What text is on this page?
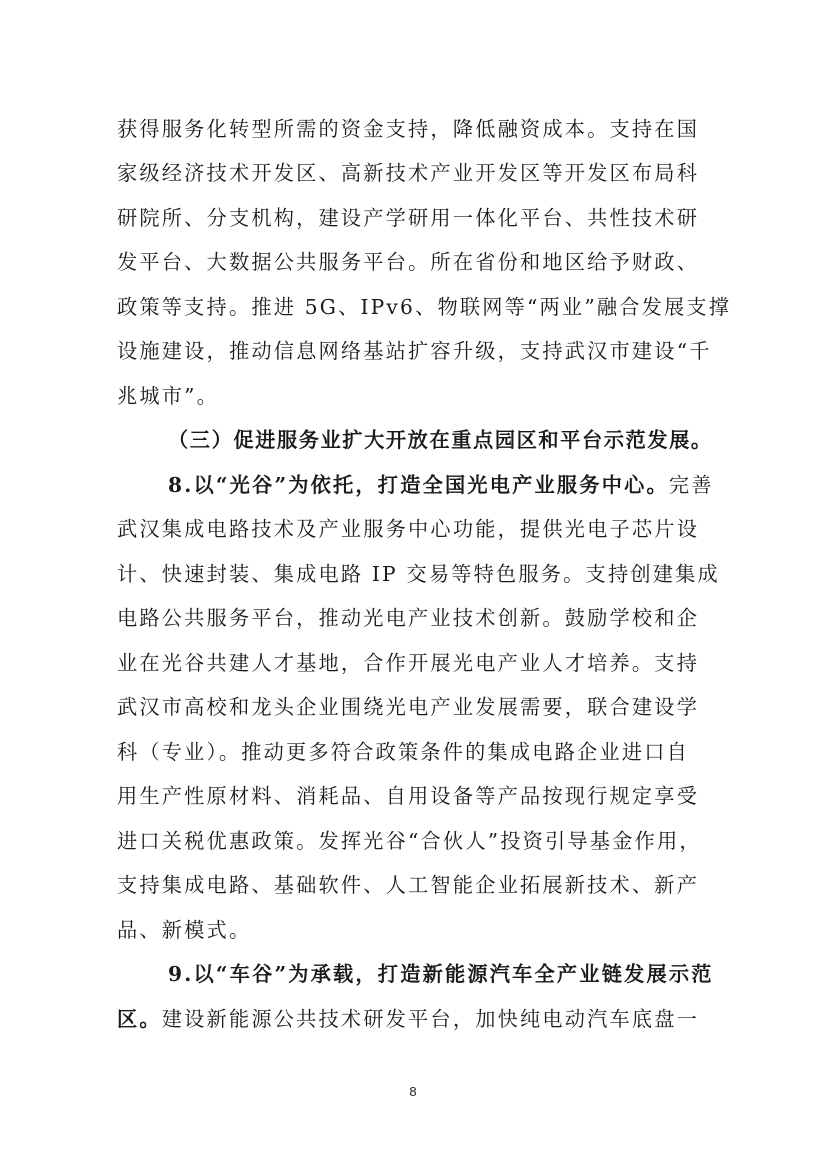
获得服务化转型所需的资金支持，降低融资成本。支持在国
家级经济技术开发区、高新技术产业开发区等开发区布局科
研院所、分支机构，建设产学研用一体化平台、共性技术研
发平台、大数据公共服务平台。所在省份和地区给予财政、
政策等支持。推进 5G、IPv6、物联网等“两业”融合发展支撑
设施建设，推动信息网络基站扩容升级，支持武汉市建设“千
兆城市”。
（三）促进服务业扩大开放在重点园区和平台示范发展。
8.以“光谷”为依托，打造全国光电产业服务中心。完善
武汉集成电路技术及产业服务中心功能，提供光电子芯片设
计、快速封装、集成电路 IP 交易等特色服务。支持创建集成
电路公共服务平台，推动光电产业技术创新。鼓励学校和企
业在光谷共建人才基地，合作开展光电产业人才培养。支持
武汉市高校和龙头企业围绕光电产业发展需要，联合建设学
科（专业）。推动更多符合政策条件的集成电路企业进口自
用生产性原材料、消耗品、自用设备等产品按现行规定享受
进口关税优惠政策。发挥光谷“合伙人”投资引导基金作用，
支持集成电路、基础软件、人工智能企业拓展新技术、新产
品、新模式。
9.以“车谷”为承载，打造新能源汽车全产业链发展示范
区。建设新能源公共技术研发平台，加快纯电动汽车底盘一
8
